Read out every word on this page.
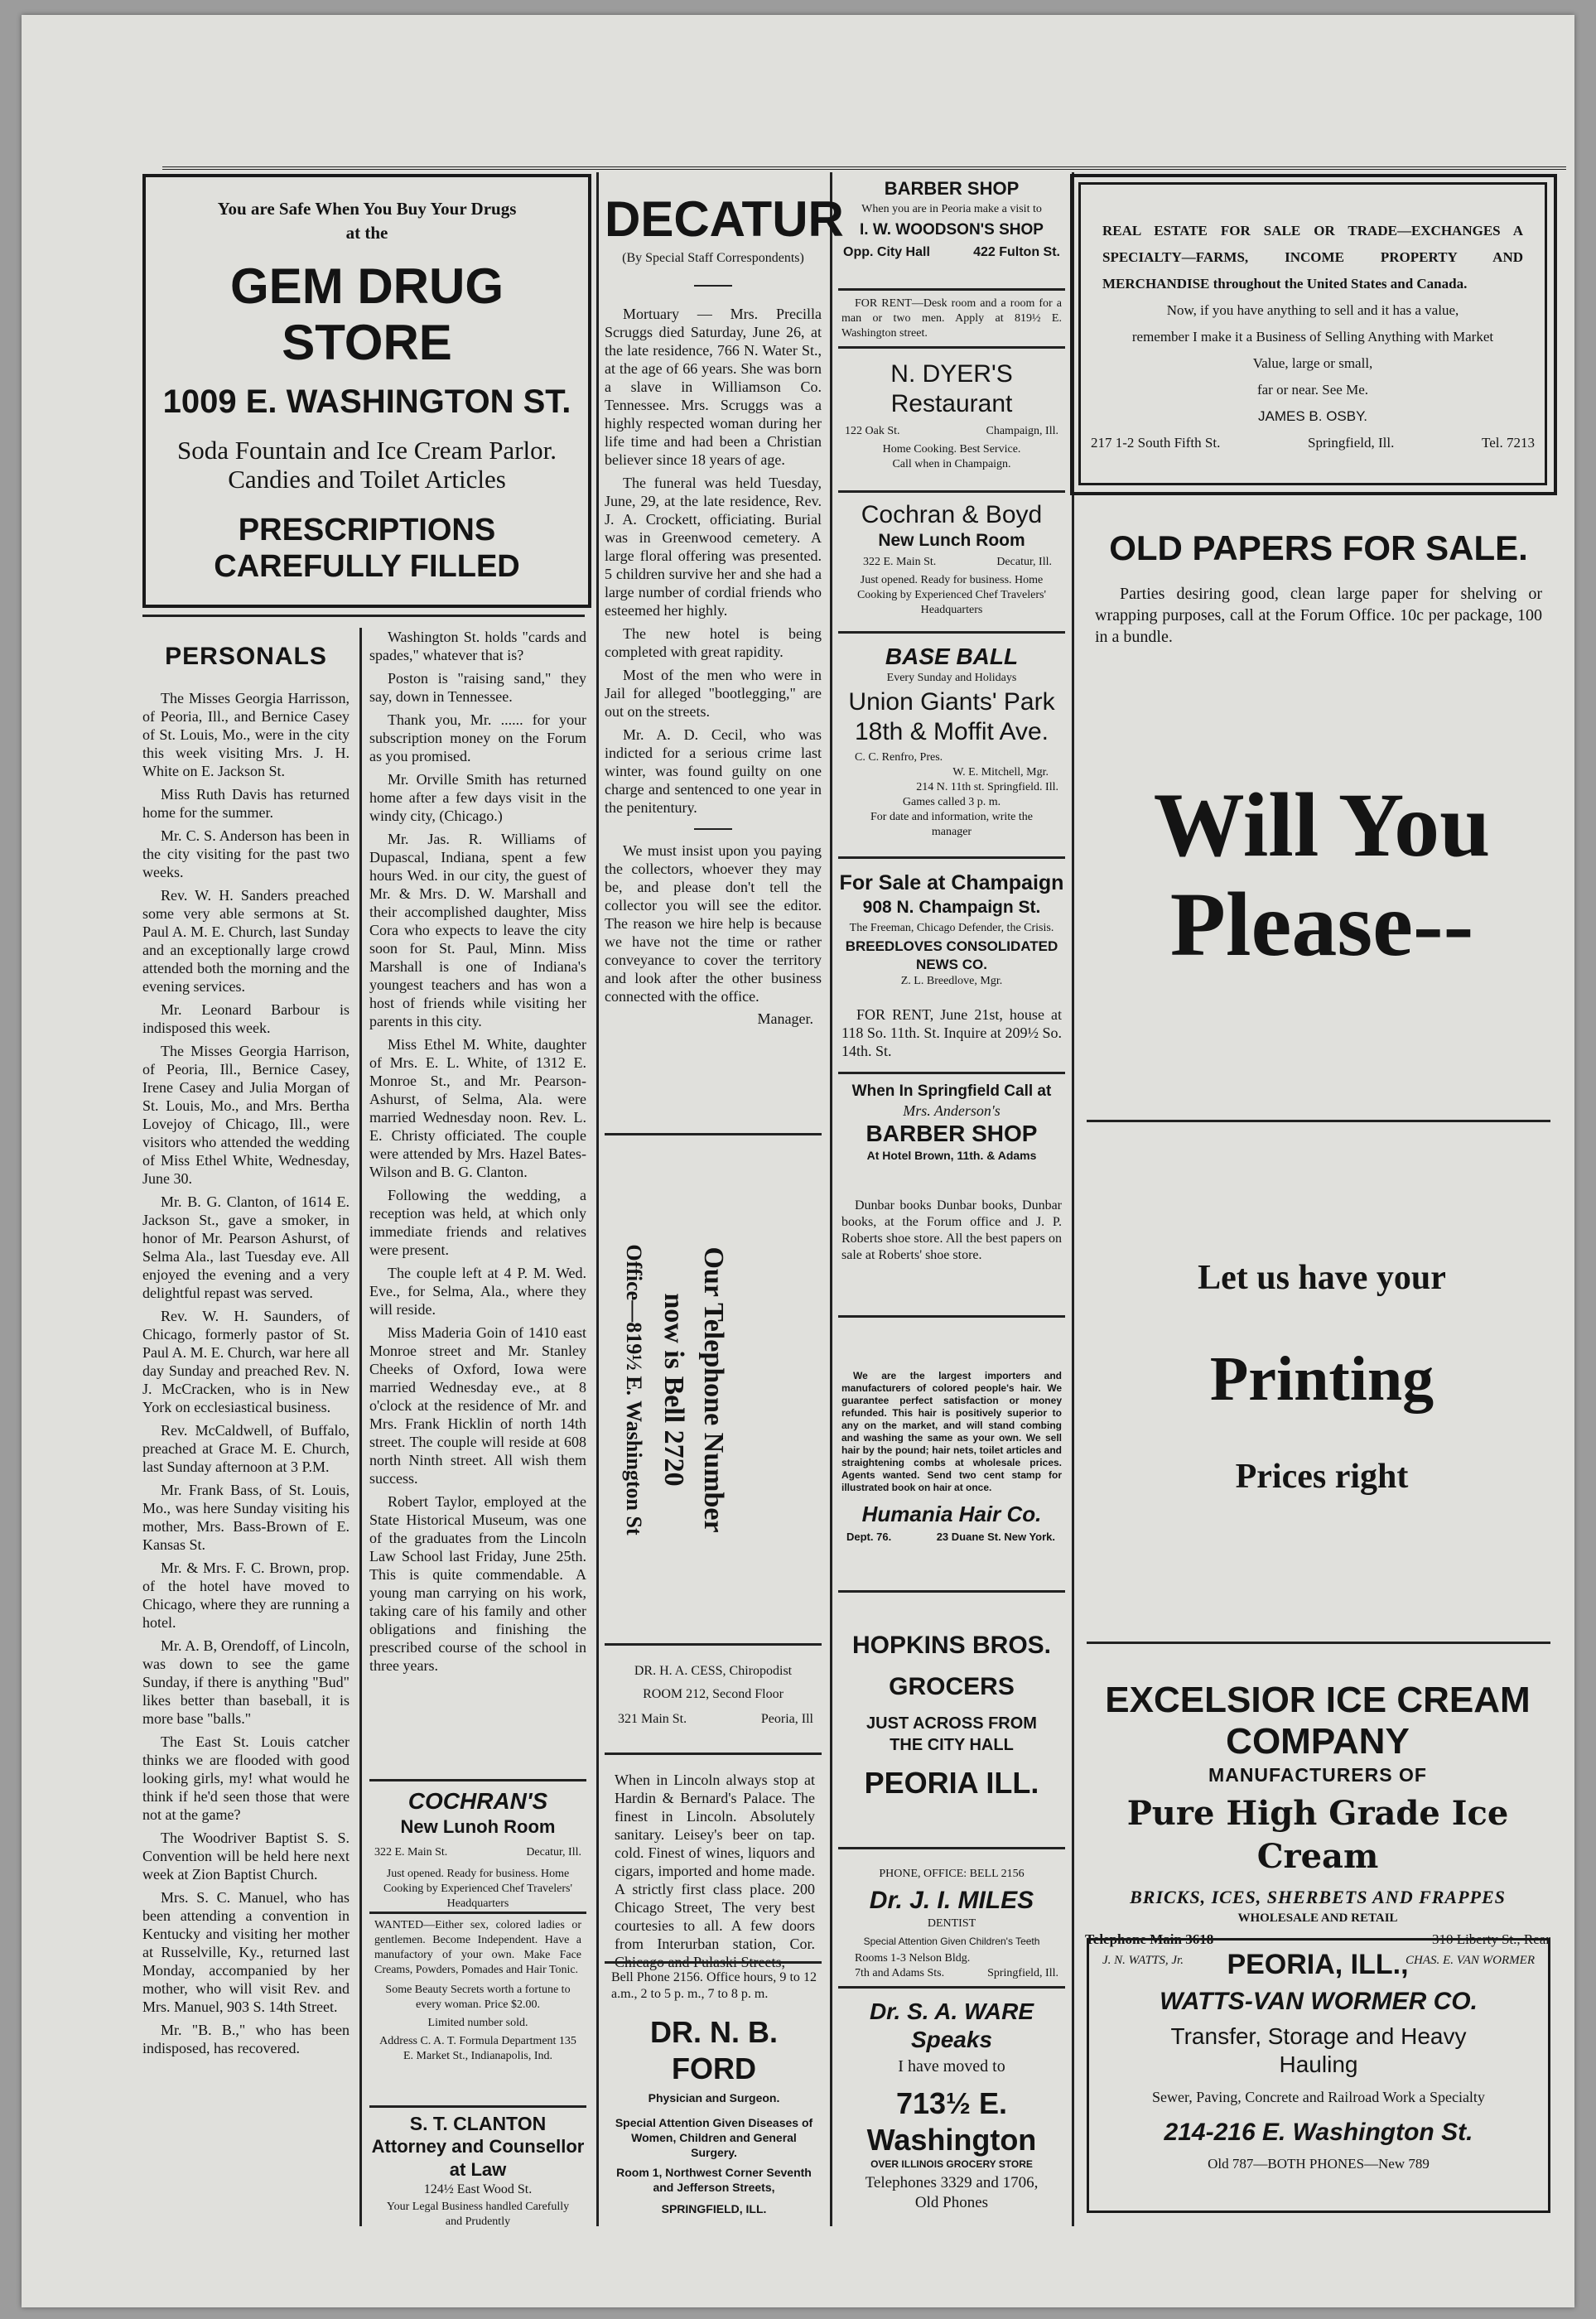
You are Safe When You Buy Your Drugs
at the
GEM DRUG STORE
1009 E. WASHINGTON ST.
Soda Fountain and Ice Cream Parlor. Candies and Toilet Articles
PRESCRIPTIONS CAREFULLY FILLED
PERSONALS

The Misses Georgia Harrisson, of Peoria, Ill., and Bernice Casey of St. Louis, Mo., were in the city this week visiting Mrs. J. H. White on E. Jackson St.

Miss Ruth Davis has returned home for the summer.

Mr. C. S. Anderson has been in the city visiting for the past two weeks.

Rev. W. H. Sanders preached some very able sermons at St. Paul A. M. E. Church, last Sunday and an exceptionally large crowd attended both the morning and the evening services.

Mr. Leonard Barbour is indisposed this week.

The Misses Georgia Harrison, of Peoria, Ill., Bernice Casey, Irene Casey and Julia Morgan of St. Louis, Mo., and Mrs. Bertha Lovejoy of Chicago, Ill., were visitors who attended the wedding of Miss Ethel White, Wednesday, June 30.

Mr. B. G. Clanton, of 1614 E. Jackson St., gave a smoker, in honor of Mr. Pearson Ashurst, of Selma Ala., last Tuesday eve. All enjoyed the evening and a very delightful repast was served.

Rev. W. H. Saunders, of Chicago, formerly pastor of St. Paul A. M. E. Church, war here all day Sunday and preached Rev. N. J. McCracken, who is in New York on ecclesiastical business.

Rev. McCaldwell, of Buffalo, preached at Grace M. E. Church, last Sunday afternoon at 3 P.M.

Mr. Frank Bass, of St. Louis, Mo., was here Sunday visiting his mother, Mrs. Bass-Brown of E. Kansas St.

Mr. & Mrs. F. C. Brown, prop. of the hotel have moved to Chicago, where they are running a hotel.

Mr. A. B, Orendoff, of Lincoln, was down to see the game Sunday, if there is anything "Bud" likes better than baseball, it is more base "balls."

The East St. Louis catcher thinks we are flooded with good looking girls, my! what would he think if he'd seen those that were not at the game?

The Woodriver Baptist S. S. Convention will be held here next week at Zion Baptist Church.

Mrs. S. C. Manuel, who has been attending a convention in Kentucky and visiting her mother at Russelville, Ky., returned last Monday, accompanied by her mother, who will visit Rev. and Mrs. Manuel, 903 S. 14th Street.

Mr. "B. B.," who has been indisposed, has recovered.

Washington St. holds "cards and spades," whatever that is?

Poston is "raising sand," they say, down in Tennessee.

Thank you, Mr. ...... for your subscription money on the Forum as you promised.

Mr. Orville Smith has returned home after a few days visit in the windy city, (Chicago.)

Mr. Jas. R. Williams of Dupascal, Indiana, spent a few hours Wed. in our city, the guest of Mr. & Mrs. D. W. Marshall and their accomplished daughter, Miss Cora who expects to leave the city soon for St. Paul, Minn. Miss Marshall is one of Indiana's youngest teachers and has won a host of friends while visiting her parents in this city.

Miss Ethel M. White, daughter of Mrs. E. L. White, of 1312 E. Monroe St., and Mr. Pearson-Ashurst, of Selma, Ala. were married Wednesday noon. Rev. L. E. Christy officiated. The couple were attended by Mrs. Hazel Bates-Wilson and B. G. Clanton.

Following the wedding, a reception was held, at which only immediate friends and relatives were present.

The couple left at 4 P. M. Wed. Eve., for Selma, Ala., where they will reside.

Miss Maderia Goin of 1410 east Monroe street and Mr. Stanley Cheeks of Oxford, Iowa were married Wednesday eve., at 8 o'clock at the residence of Mr. and Mrs. Frank Hicklin of north 14th street. The couple will reside at 608 north Ninth street. All wish them success.

Robert Taylor, employed at the State Historical Museum, was one of the graduates from the Lincoln Law School last Friday, June 25th. This is quite commendable. A young man carrying on his work, taking care of his family and other obligations and finishing the prescribed course of the school in three years.

COCHRAN'S
New Lunoh Room
322 E. Main St.	Decatur, Ill.
Just opened. Ready for business. Home Cooking by Experienced Chef Travelers' Headquarters
WANTED—Either sex, colored ladies or gentlemen. Become Independent. Have a manufactory of your own. Make Face Creams, Powders, Pomades and Hair Tonic.
Some Beauty Secrets worth a fortune to every woman. Price $2.00.
Limited number sold.
Address C. A. T. Formula Department 135 E. Market St., Indianapolis, Ind.
S. T. CLANTON
Attorney and Counsellor at Law
124½ East Wood St.
Your Legal Business handled Carefully and Prudently
DECATUR
(By Special Staff Correspondents)

Mortuary — Mrs. Precilla Scruggs died Saturday, June 26, at the late residence, 766 N. Water St., at the age of 66 years. She was born a slave in Williamson Co. Tennessee. Mrs. Scruggs was a highly respected woman during her life time and had been a Christian believer since 18 years of age.

The funeral was held Tuesday, June, 29, at the late residence, Rev. J. A. Crockett, officiating. Burial was in Greenwood cemetery. A large floral offering was presented. 5 children survive her and she had a large number of cordial friends who esteemed her highly.

The new hotel is being completed with great rapidity.

Most of the men who were in Jail for alleged "bootlegging," are out on the streets.

Mr. A. D. Cecil, who was indicted for a serious crime last winter, was found guilty on one charge and sentenced to one year in the penitentury.

We must insist upon you paying the collectors, whoever they may be, and please don't tell the collector you will see the editor. The reason we hire help is because we have not the time or rather conveyance to cover the territory and look after the other business connected with the office.

Manager.
Our Telephone Number
now is Bell 2720
Office—819½ E. Washington St
DR. H. A. CESS, Chiropodist
ROOM 212, Second Floor
321 Main St.	Peoria, Ill
When in Lincoln always stop at Hardin & Bernard's Palace. The finest in Lincoln. Absolutely sanitary. Leisey's beer on tap. cold. Finest of wines, liquors and cigars, imported and home made. A strictly first class place. 200 Chicago Street, The very best courtesies to all. A few doors from Interurban station, Cor. Chicago and Pulaski Streets,
Bell Phone 2156. Office hours, 9 to 12 a.m., 2 to 5 p. m., 7 to 8 p. m.
DR. N. B. FORD
Physician and Surgeon.
Special Attention Given Diseases of Women, Children and General Surgery.
Room 1, Northwest Corner Seventh and Jefferson Streets,
SPRINGFIELD, ILL.
BARBER SHOP
When you are in Peoria make a visit to
I. W. WOODSON'S SHOP
Opp. City Hall	422 Fulton St.
FOR RENT—Desk room and a room for a man or two men. Apply at 819½ E. Washington street.
N. DYER'S
Restaurant
122 Oak St.	Champaign, Ill.
Home Cooking. Best Service.
Call when in Champaign.
Cochran & Boyd
New Lunch Room
322 E. Main St.	Decatur, Ill.
Just opened. Ready for business. Home Cooking by Experienced Chef Travelers' Headquarters
BASE BALL
Every Sunday and Holidays
Union Giants' Park
18th & Moffit Ave.
C. C. Renfro, Pres.
W. E. Mitchell, Mgr.
214 N. 11th st. Springfield. Ill.
Games called 3 p. m.
For date and information, write the manager
For Sale at Champaign
908 N. Champaign St.
The Freeman, Chicago Defender, the Crisis.
BREEDLOVES CONSOLIDATED NEWS CO.
Z. L. Breedlove, Mgr.
FOR RENT, June 21st, house at 118 So. 11th. St. Inquire at 209½ So. 14th. St.
When In Springfield Call at
Mrs. Anderson's
BARBER SHOP
At Hotel Brown, 11th. & Adams
Dunbar books Dunbar books, Dunbar books, at the Forum office and J. P. Roberts shoe store. All the best papers on sale at Roberts' shoe store.
We are the largest importers and manufacturers of colored people's hair. We guarantee perfect satisfaction or money refunded. This hair is positively superior to any on the market, and will stand combing and washing the same as your own. We sell hair by the pound; hair nets, toilet articles and straightening combs at wholesale prices. Agents wanted. Send two cent stamp for illustrated book on hair at once.
Humania Hair Co.
Dept. 76.	23 Duane St. New York.
HOPKINS BROS.
GROCERS
JUST ACROSS FROM THE CITY HALL
PEORIA ILL.
PHONE, OFFICE: BELL 2156
Dr. J. I. MILES
DENTIST
Special Attention Given Children's Teeth
Rooms 1-3 Nelson Bldg.
7th and Adams Sts.	Springfield, Ill.
Dr. S. A. WARE
Speaks
I have moved to
713½ E. Washington
OVER ILLINOIS GROCERY STORE
Telephones 3329 and 1706,
Old Phones
REAL ESTATE FOR SALE OR TRADE—EXCHANGES A SPECIALTY—FARMS, INCOME PROPERTY AND MERCHANDISE throughout the United States and Canada.
Now, if you have anything to sell and it has a value,
remember I make it a Business of Selling Anything with Market Value, large or small,
far or near. See Me.
JAMES B. OSBY.
217 1-2 South Fifth St.	Springfield, Ill.	Tel. 7213
OLD PAPERS FOR SALE.
Parties desiring good, clean large paper for shelving or wrapping purposes, call at the Forum Office. 10c per package, 100 in a bundle.
Will You
Please--
Let us have your
Printing
Prices right
EXCELSIOR ICE CREAM COMPANY
MANUFACTURERS OF
Pure High Grade Ice Cream
BRICKS, ICES, SHERBETS AND FRAPPES
WHOLESALE AND RETAIL
Telephone Main 3618	310 Liberty St., Rear
PEORIA, ILL.,
J. N. WATTS, Jr.	CHAS. E. VAN WORMER
WATTS-VAN WORMER CO.
Transfer, Storage and Heavy Hauling
Sewer, Paving, Concrete and Railroad Work a Specialty
214-216 E. Washington St.
Old 787—BOTH PHONES—New 789
